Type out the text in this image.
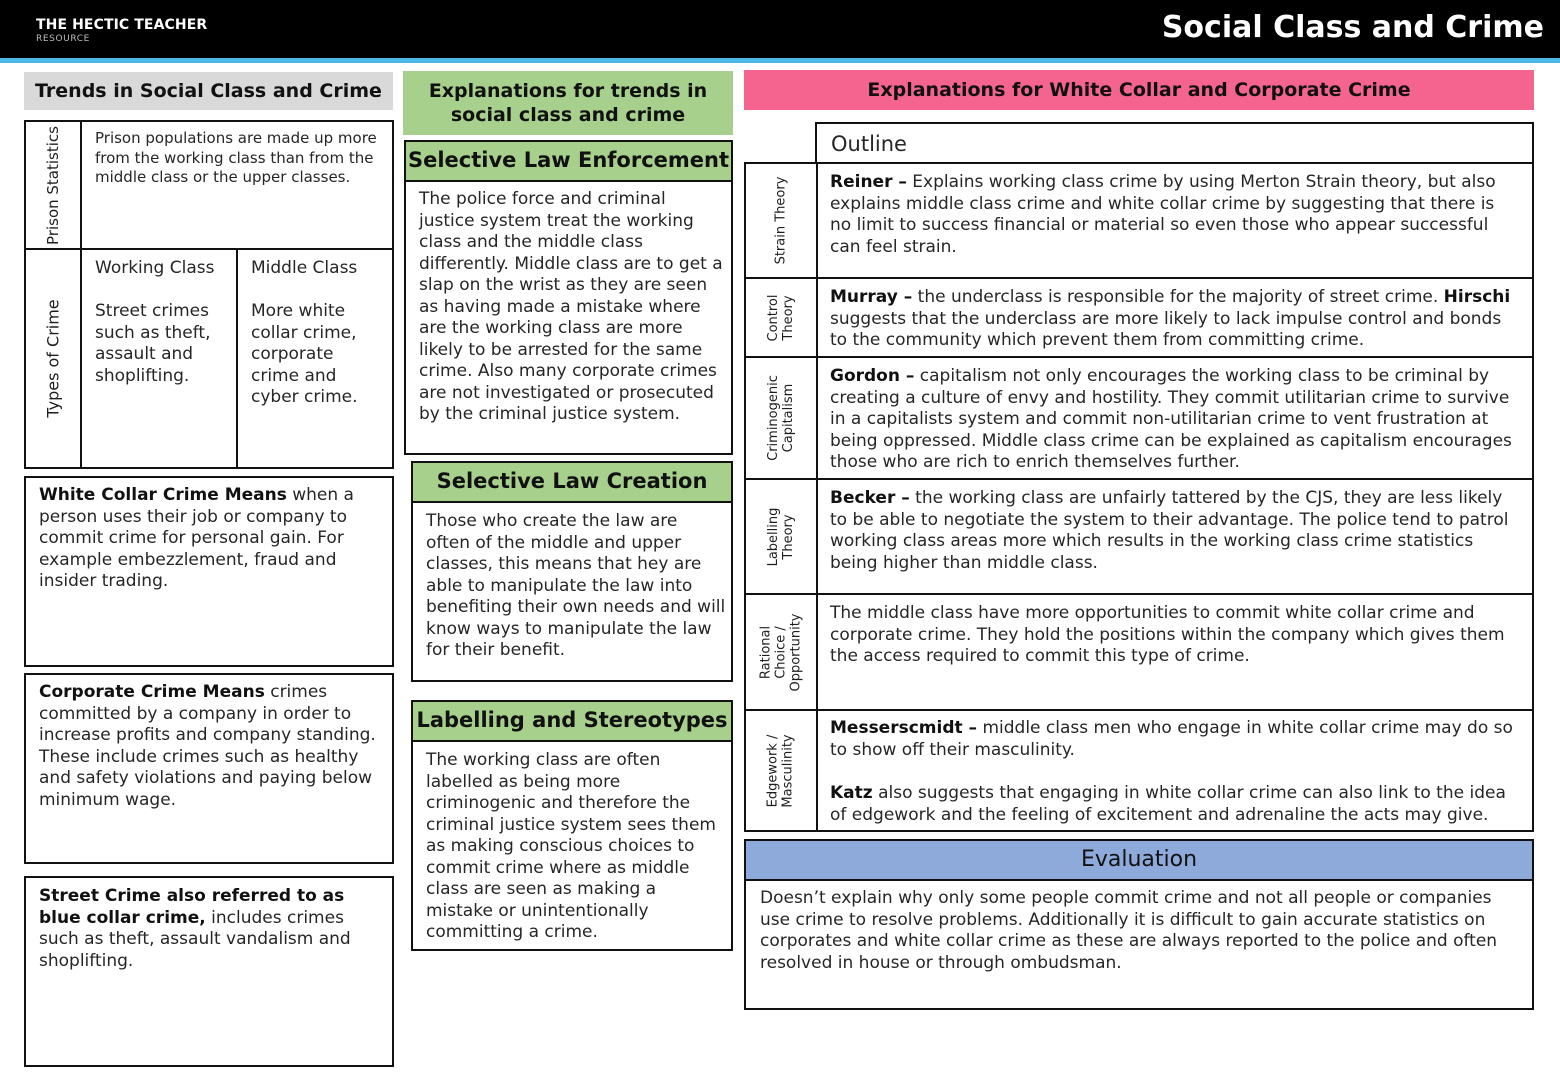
THE HECTIC TEACHER
RESOURCE	Social Class and Crime
Trends in Social Class and Crime
Prison Statistics Prison populations are made up more from the working class than from the middle class or the upper classes.
Types of Crime
Working Class
Street crimes such as theft, assault and shoplifting.
Middle Class
More white collar crime, corporate crime and cyber crime.
White Collar Crime Means when a person uses their job or company to commit crime for personal gain. For example embezzlement, fraud and insider trading.
Corporate Crime Means crimes committed by a company in order to increase profits and company standing. These include crimes such as healthy and safety violations and paying below minimum wage.
Street Crime also referred to as blue collar crime, includes crimes such as theft, assault vandalism and shoplifting.
Explanations for trends in social class and crime
Selective Law Enforcement
The police force and criminal justice system treat the working class and the middle class differently. Middle class are to get a slap on the wrist as they are seen as having made a mistake where are the working class are more likely to be arrested for the same crime. Also many corporate crimes are not investigated or prosecuted by the criminal justice system.
Selective Law Creation
Those who create the law are often of the middle and upper classes, this means that hey are able to manipulate the law into benefiting their own needs and will know ways to manipulate the law for their benefit.
Labelling and Stereotypes
The working class are often labelled as being more criminogenic and therefore the criminal justice system sees them as making conscious choices to commit crime where as middle class are seen as making a mistake or unintentionally committing a crime.
Explanations for White Collar and Corporate Crime
Outline
Strain Theory Reiner – Explains working class crime by using Merton Strain theory, but also explains middle class crime and white collar crime by suggesting that there is no limit to success financial or material so even those who appear successful can feel strain.
Control Theory Murray – the underclass is responsible for the majority of street crime. Hirschi suggests that the underclass are more likely to lack impulse control and bonds to the community which prevent them from committing crime.
Criminogenic Capitalism
Gordon – capitalism not only encourages the working class to be criminal by creating a culture of envy and hostility. They commit utilitarian crime to survive in a capitalists system and commit non-utilitarian crime to vent frustration at being oppressed. Middle class crime can be explained as capitalism encourages those who are rich to enrich themselves further.
Labelling Theory
Becker – the working class are unfairly tattered by the CJS, they are less likely to be able to negotiate the system to their advantage. The police tend to patrol working class areas more which results in the working class crime statistics being higher than middle class.
Rational Choice / Opportunity The middle class have more opportunities to commit white collar crime and corporate crime. They hold the positions within the company which gives them the access required to commit this type of crime.
Edgework / Masculinity
Messerscmidt – middle class men who engage in white collar crime may do so to show off their masculinity.
Katz also suggests that engaging in white collar crime can also link to the idea of edgework and the feeling of excitement and adrenaline the acts may give.
Evaluation
Doesn’t explain why only some people commit crime and not all people or companies use crime to resolve problems. Additionally it is difficult to gain accurate statistics on corporates and white collar crime as these are always reported to the police and often resolved in house or through ombudsman.
